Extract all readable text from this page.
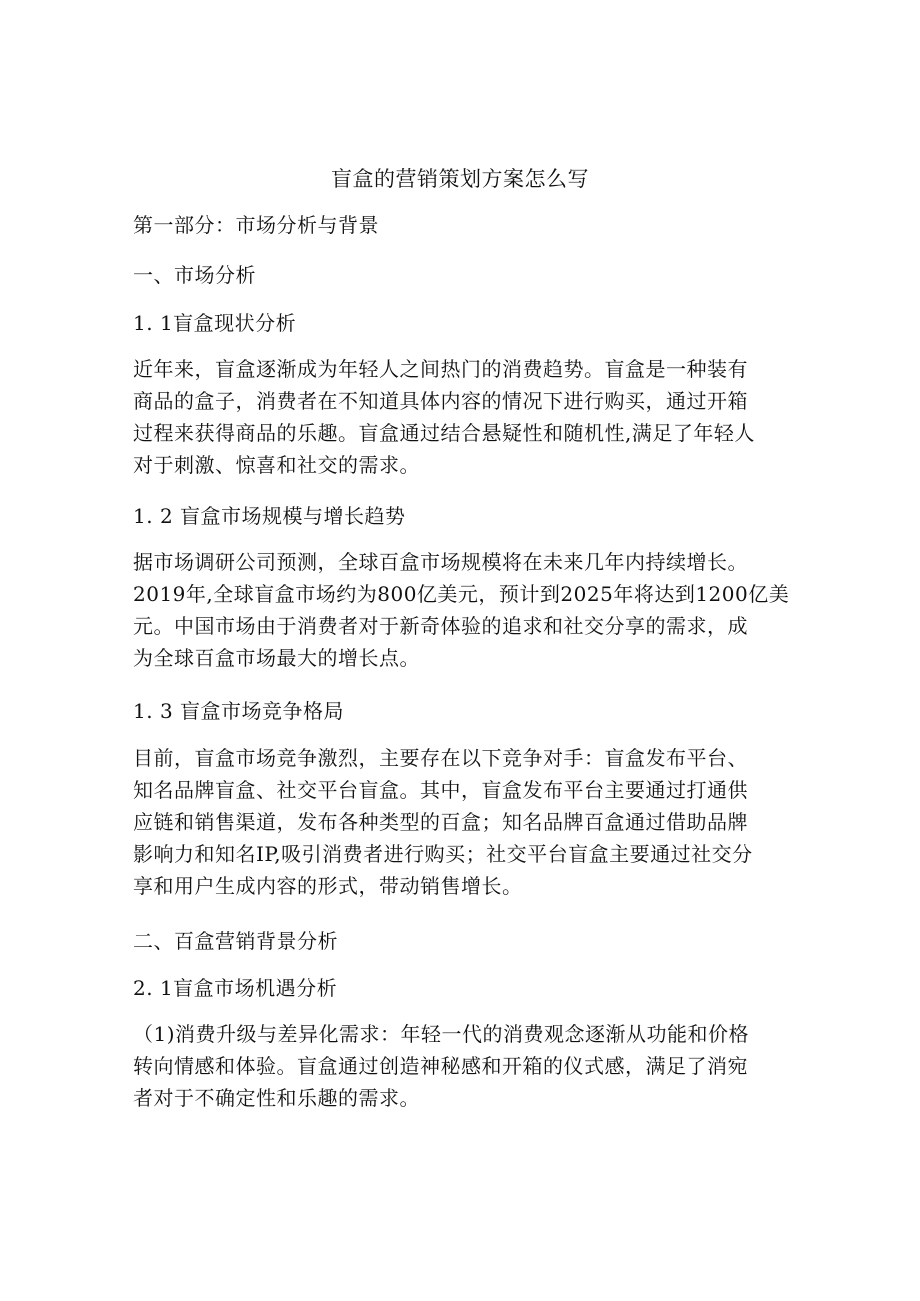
盲盒的营销策划方案怎么写
第一部分：市场分析与背景
一、市场分析
1. 1盲盒现状分析

近年来，盲盒逐渐成为年轻人之间热门的消费趋势。盲盒是一种装有

商品的盒子，消费者在不知道具体内容的情况下进行购买，通过开箱

过程来获得商品的乐趣。盲盒通过结合悬疑性和随机性,满足了年轻人

对于刺激、惊喜和社交的需求。

1. 2 盲盒市场规模与增长趋势

据市场调研公司预测，全球百盒市场规模将在未来几年内持续增长。

2019年,全球盲盒市场约为800亿美元，预计到2025年将达到1200亿美

元。中国市场由于消费者对于新奇体验的追求和社交分享的需求，成

为全球百盒市场最大的增长点。

1. 3 盲盒市场竞争格局

目前，盲盒市场竞争激烈，主要存在以下竞争对手：盲盒发布平台、

知名品牌盲盒、社交平台盲盒。其中，盲盒发布平台主要通过打通供

应链和销售渠道，发布各种类型的百盒；知名品牌百盒通过借助品牌

影响力和知名IP,吸引消费者进行购买；社交平台盲盒主要通过社交分

享和用户生成内容的形式，带动销售增长。

二、百盒营销背景分析
2. 1盲盒市场机遇分析

（1)消费升级与差异化需求：年轻一代的消费观念逐渐从功能和价格

转向情感和体验。盲盒通过创造神秘感和开箱的仪式感，满足了消宛

者对于不确定性和乐趣的需求。
